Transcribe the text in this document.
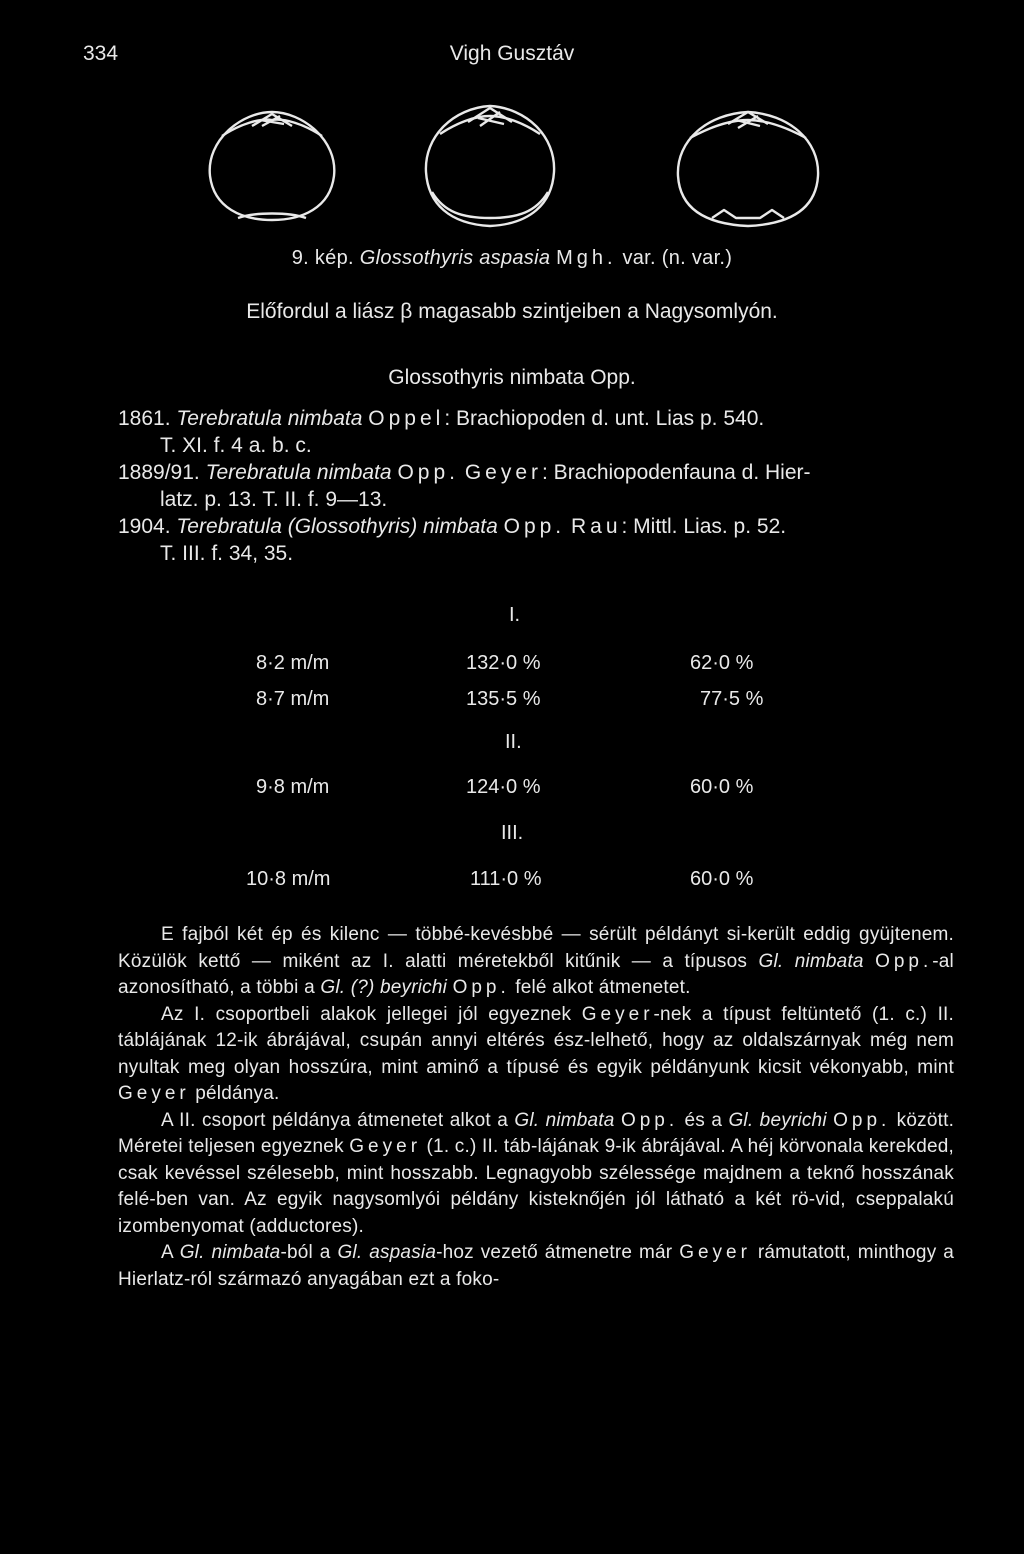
334	Vigh Gusztáv
9. kép. Glossothyris aspasia Mgh. var. (n. var.)
Előfordul a liász β magasabb szintjeiben a Nagysomlyón.
Glossothyris nimbata Opp.

1861. Terebratula nimbata Oppel: Brachiopoden d. unt. Lias p. 540.

T. XI. f. 4 a. b. c.

1889/91. Terebratula nimbata Opp. Geyer: Brachiopodenfauna d. Hier-

latz. p. 13. T. II. f. 9—13.

1904. Terebratula (Glossothyris) nimbata Opp. Rau: Mittl. Lias. p. 52.

T. III. f. 34, 35.

I.
8·2 m/m	132·0 %	62·0 %
8·7 m/m	135·5 %	77·5 %
II.
9·8 m/m	124·0 %	60·0 %
III.
10·8 m/m	111·0 %	60·0 %

E fajból két ép és kilenc — többé-kevésbbé — sérült példányt si-került eddig gyüjtenem. Közülök kettő — miként az I. alatti méretekből kitűnik — a típusos Gl. nimbata Opp.-al azonosítható, a többi a Gl. (?) beyrichi Opp. felé alkot átmenetet.

Az I. csoportbeli alakok jellegei jól egyeznek Geyer-nek a típust feltüntető (1. c.) II. táblájának 12-ik ábrájával, csupán annyi eltérés ész-lelhető, hogy az oldalszárnyak még nem nyultak meg olyan hosszúra, mint aminő a típusé és egyik példányunk kicsit vékonyabb, mint Geyer példánya.

A II. csoport példánya átmenetet alkot a Gl. nimbata Opp. és a Gl. beyrichi Opp. között. Méretei teljesen egyeznek Geyer (1. c.) II. táb-lájának 9-ik ábrájával. A héj körvonala kerekded, csak kevéssel szélesebb, mint hosszabb. Legnagyobb szélessége majdnem a teknő hosszának felé-ben van. Az egyik nagysomlyói példány kisteknőjén jól látható a két rö-vid, cseppalakú izombenyomat (adductores).

A Gl. nimbata-ból a Gl. aspasia-hoz vezető átmenetre már Geyer rámutatott, minthogy a Hierlatz-ról származó anyagában ezt a foko-
